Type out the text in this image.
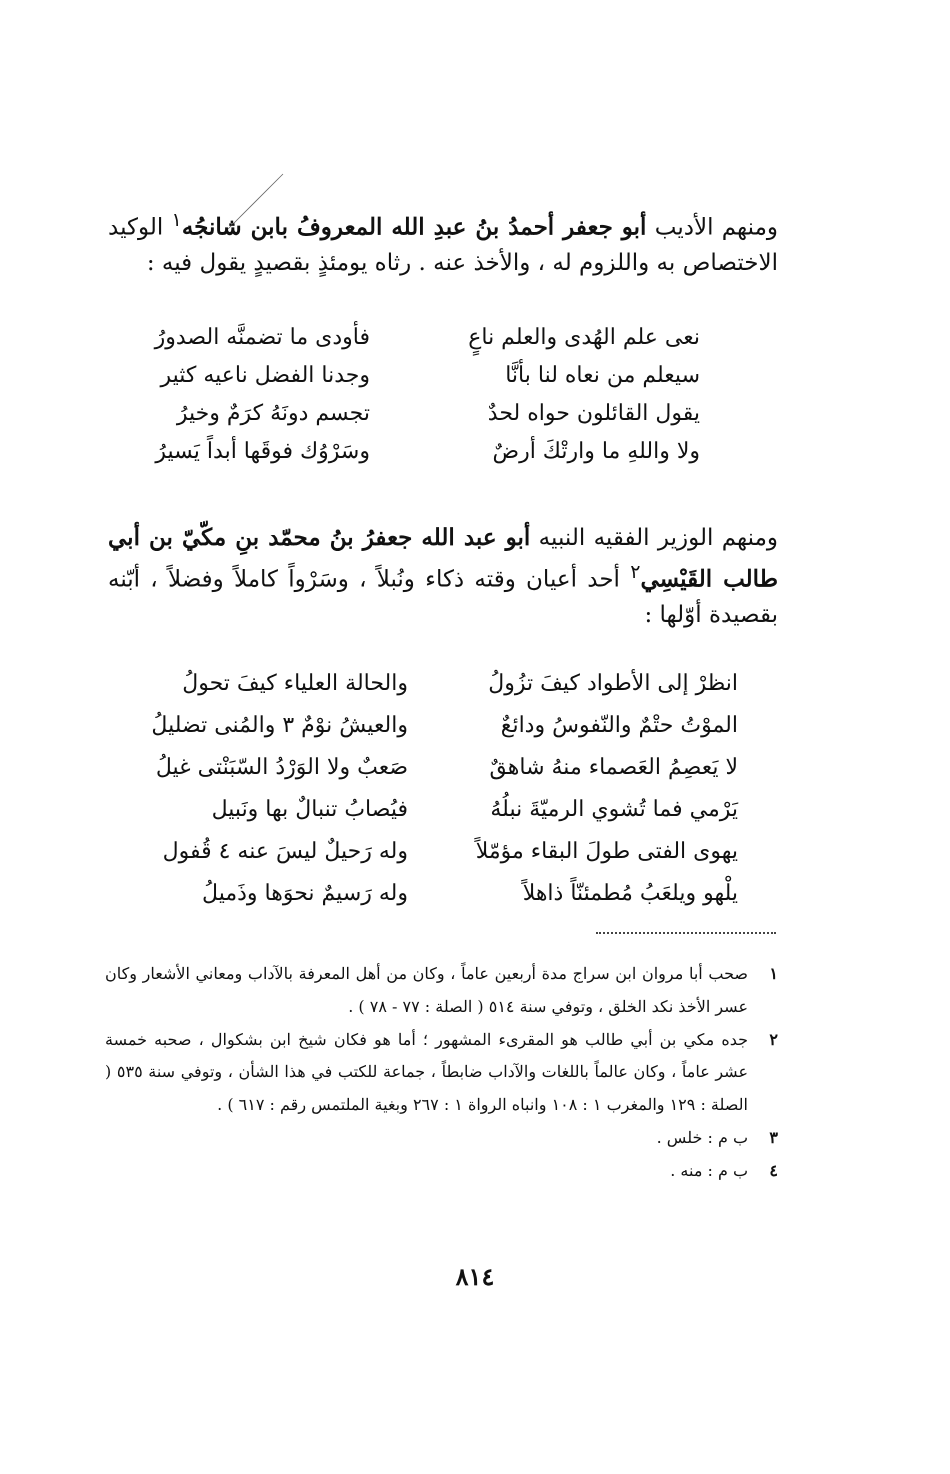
ومنهم الأديب أبو جعفر أحمدُ بنُ عبدِ الله المعروفُ بابن شانجُه$^١$ الوكيد الاختصاص به واللزوم له ، والأخذ عنه . رثاه يومئذٍ بقصيدٍ يقول فيه :
نعى علم الهُدى والعلم ناعٍ
فأودى ما تضمنَّه الصدورُ
سيعلم من نعاه لنا بأنَّا
وجدنا الفضل ناعيه كثير
يقول القائلون حواه لحدٌ
تجسم دونَهُ كرَمٌ وخيرُ
ولا واللهِ ما وارتْكَ أرضٌ
وسَرْوُك فوقَها أبداً يَسيرُ
ومنهم الوزير الفقيه النبيه أبو عبد الله جعفرُ بنُ محمّد بنِ مكّيّ بن أبي طالب القَيْسِي$^٢$ أحد أعيان وقته ذكاء ونُبلاً ، وسَرْواً كاملاً وفضلاً ، أبّنه بقصيدة أوّلها :
انظرْ إلى الأطواد كيفَ تزُولُ
والحالة العلياء كيفَ تحولُ
الموْتُ حتْمٌ والنّفوسُ ودائعٌ
والعيشُ نوْمٌ ٣ والمُنى تضليلُ
لا يَعصِمُ العَصماء منهُ شاهقٌ
صَعبٌ ولا الوَرْدُ السّبَنْتى غيلُ
يَرْمي فما تُشوي الرميّةَ نبلُهُ
فيُصابُ تنبالٌ بها ونَبيل
يهوى الفتى طولَ البقاء مؤمّلاً
وله رَحيلٌ ليسَ عنه ٤ قُفول
يلْهو ويلعَبُ مُطمئنّاً ذاهلاً
وله رَسيمٌ نحوَها وذَميلُ
١
صحب أبا مروان ابن سراج مدة أربعين عاماً ، وكان من أهل المعرفة بالآداب ومعاني الأشعار وكان عسر الأخذ نكد الخلق ، وتوفي سنة ٥١٤ ( الصلة : ٧٧ - ٧٨ ) .
٢
جده مكي بن أبي طالب هو المقرىء المشهور ؛ أما هو فكان شيخ ابن بشكوال ، صحبه خمسة عشر عاماً ، وكان عالماً باللغات والآداب ضابطاً ، جماعة للكتب في هذا الشأن ، وتوفي سنة ٥٣٥ ( الصلة : ١٢٩ والمغرب ١ : ١٠٨ وانباه الرواة ١ : ٢٦٧ وبغية الملتمس رقم : ٦١٧ ) .
٣
ب م : خلس .
٤
ب م : منه .
٨١٤
